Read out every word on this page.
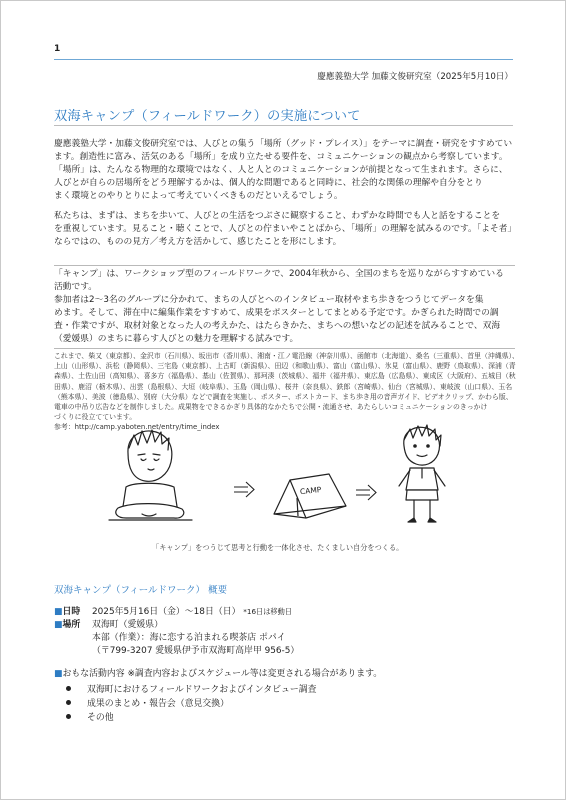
1
慶應義塾大学 加藤文俊研究室（2025年5月10日）
双海キャンプ（フィールドワーク）の実施について
慶應義塾大学・加藤文俊研究室では、人びとの集う「場所（グッド・プレイス）」をテーマに調査・研究をすすめてい
ます。創造性に富み、活気のある「場所」を成り立たせる要件を、コミュニケーションの観点から考察しています。
「場所」は、たんなる物理的な環境ではなく、人と人とのコミュニケーションが前提となって生まれます。さらに、
人びとが自らの居場所をどう理解するかは、個人的な問題であると同時に、社会的な関係の理解や自分をとり
まく環境とのやりとりによって考えていくべきものだといえるでしょう。
私たちは、まずは、まちを歩いて、人びとの生活をつぶさに観察すること、わずかな時間でも人と話をすることを
を重視しています。見ること・聴くことで、人びとの佇まいやことばから、「場所」の理解を試みるのです。「よそ者」
ならではの、ものの見方／考え方を活かして、感じたことを形にします。
「キャンプ」は、ワークショップ型のフィールドワークで、2004年秋から、全国のまちを巡りながらすすめている
活動です。
参加者は2〜3名のグループに分かれて、まちの人びとへのインタビュー取材やまち歩きをつうじてデータを集
めます。そして、滞在中に編集作業をすすめて、成果をポスターとしてまとめる予定です。かぎられた時間での調
査・作業ですが、取材対象となった人の考えかた、はたらきかた、まちへの想いなどの記述を試みることで、双海
（愛媛県）のまちに暮らす人びとの魅力を理解する試みです。
これまで、柴又（東京都）、金沢市（石川県）、坂出市（香川県）、湘南・江ノ電沿線（神奈川県）、函館市（北海道）、桑名（三重県）、首里（沖縄県）、
上山（山形県）、浜松（静岡県）、三宅島（東京都）、上古町（新潟県）、田辺（和歌山県）、富山（富山県）、氷見（富山県）、鹿野（鳥取県）、深浦（青
森県）、土佐山田（高知県）、喜多方（福島県）、基山（佐賀県）、那珂湊（茨城県）、福井（福井県）、東広島（広島県）、東成区（大阪府）、五城目（秋
田県）、鹿沼（栃木県）、出雲（島根県）、大垣（岐阜県）、玉島（岡山県）、桜井（奈良県）、鉄郎（宮崎県）、仙台（宮城県）、東岐波（山口県）、玉名
（熊本県）、美波（徳島県）、別府（大分県）などで調査を実施し、ポスター、ポストカード、まち歩き用の音声ガイド、ビデオクリップ、かわら版、
電車の中吊り広告などを制作しました。成果物をできるかぎり具体的なかたちで公開・流通させ、あたらしいコミュニケーションのきっかけ
づくりに役立てています。
参考：http://camp.yaboten.net/entry/time_index
CAMP
「キャンプ」をつうじて思考と行動を一体化させ、たくましい自分をつくる。
双海キャンプ（フィールドワーク） 概要
■日時 2025年5月16日（金）〜18日（日） *16日は移動日
■場所 双海町（愛媛県）
本部（作業）：海に恋する泊まれる喫茶店 ポパイ
（〒799-3207 愛媛県伊予市双海町高岸甲 956-5）
■おもな活動内容 ※調査内容およびスケジュール等は変更される場合があります。
双海町におけるフィールドワークおよびインタビュー調査
成果のまとめ・報告会（意見交換）
その他
